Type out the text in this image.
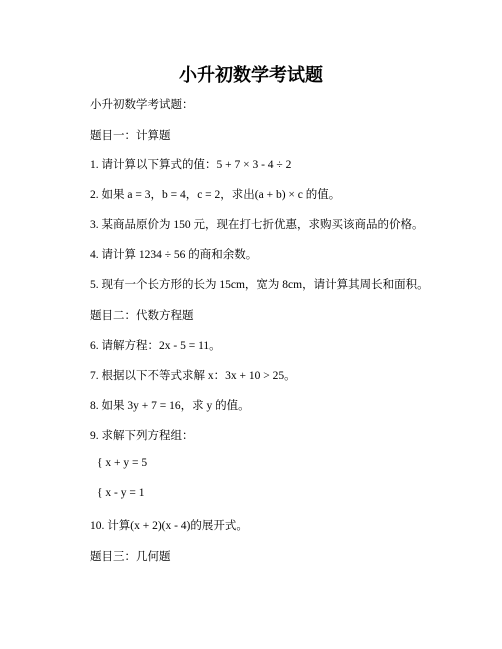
小升初数学考试题
小升初数学考试题：
题目一：计算题
1. 请计算以下算式的值：5 + 7 × 3 - 4 ÷ 2
2. 如果 a = 3，b = 4，c = 2，求出(a + b) × c 的值。
3. 某商品原价为 150 元，现在打七折优惠，求购买该商品的价格。
4. 请计算 1234 ÷ 56 的商和余数。
5. 现有一个长方形的长为 15cm，宽为 8cm，请计算其周长和面积。
题目二：代数方程题
6. 请解方程：2x - 5 = 11。
7. 根据以下不等式求解 x：3x + 10 > 25。
8. 如果 3y + 7 = 16，求 y 的值。
9. 求解下列方程组：
{ x + y = 5
{ x - y = 1
10. 计算(x + 2)(x - 4)的展开式。
题目三：几何题
